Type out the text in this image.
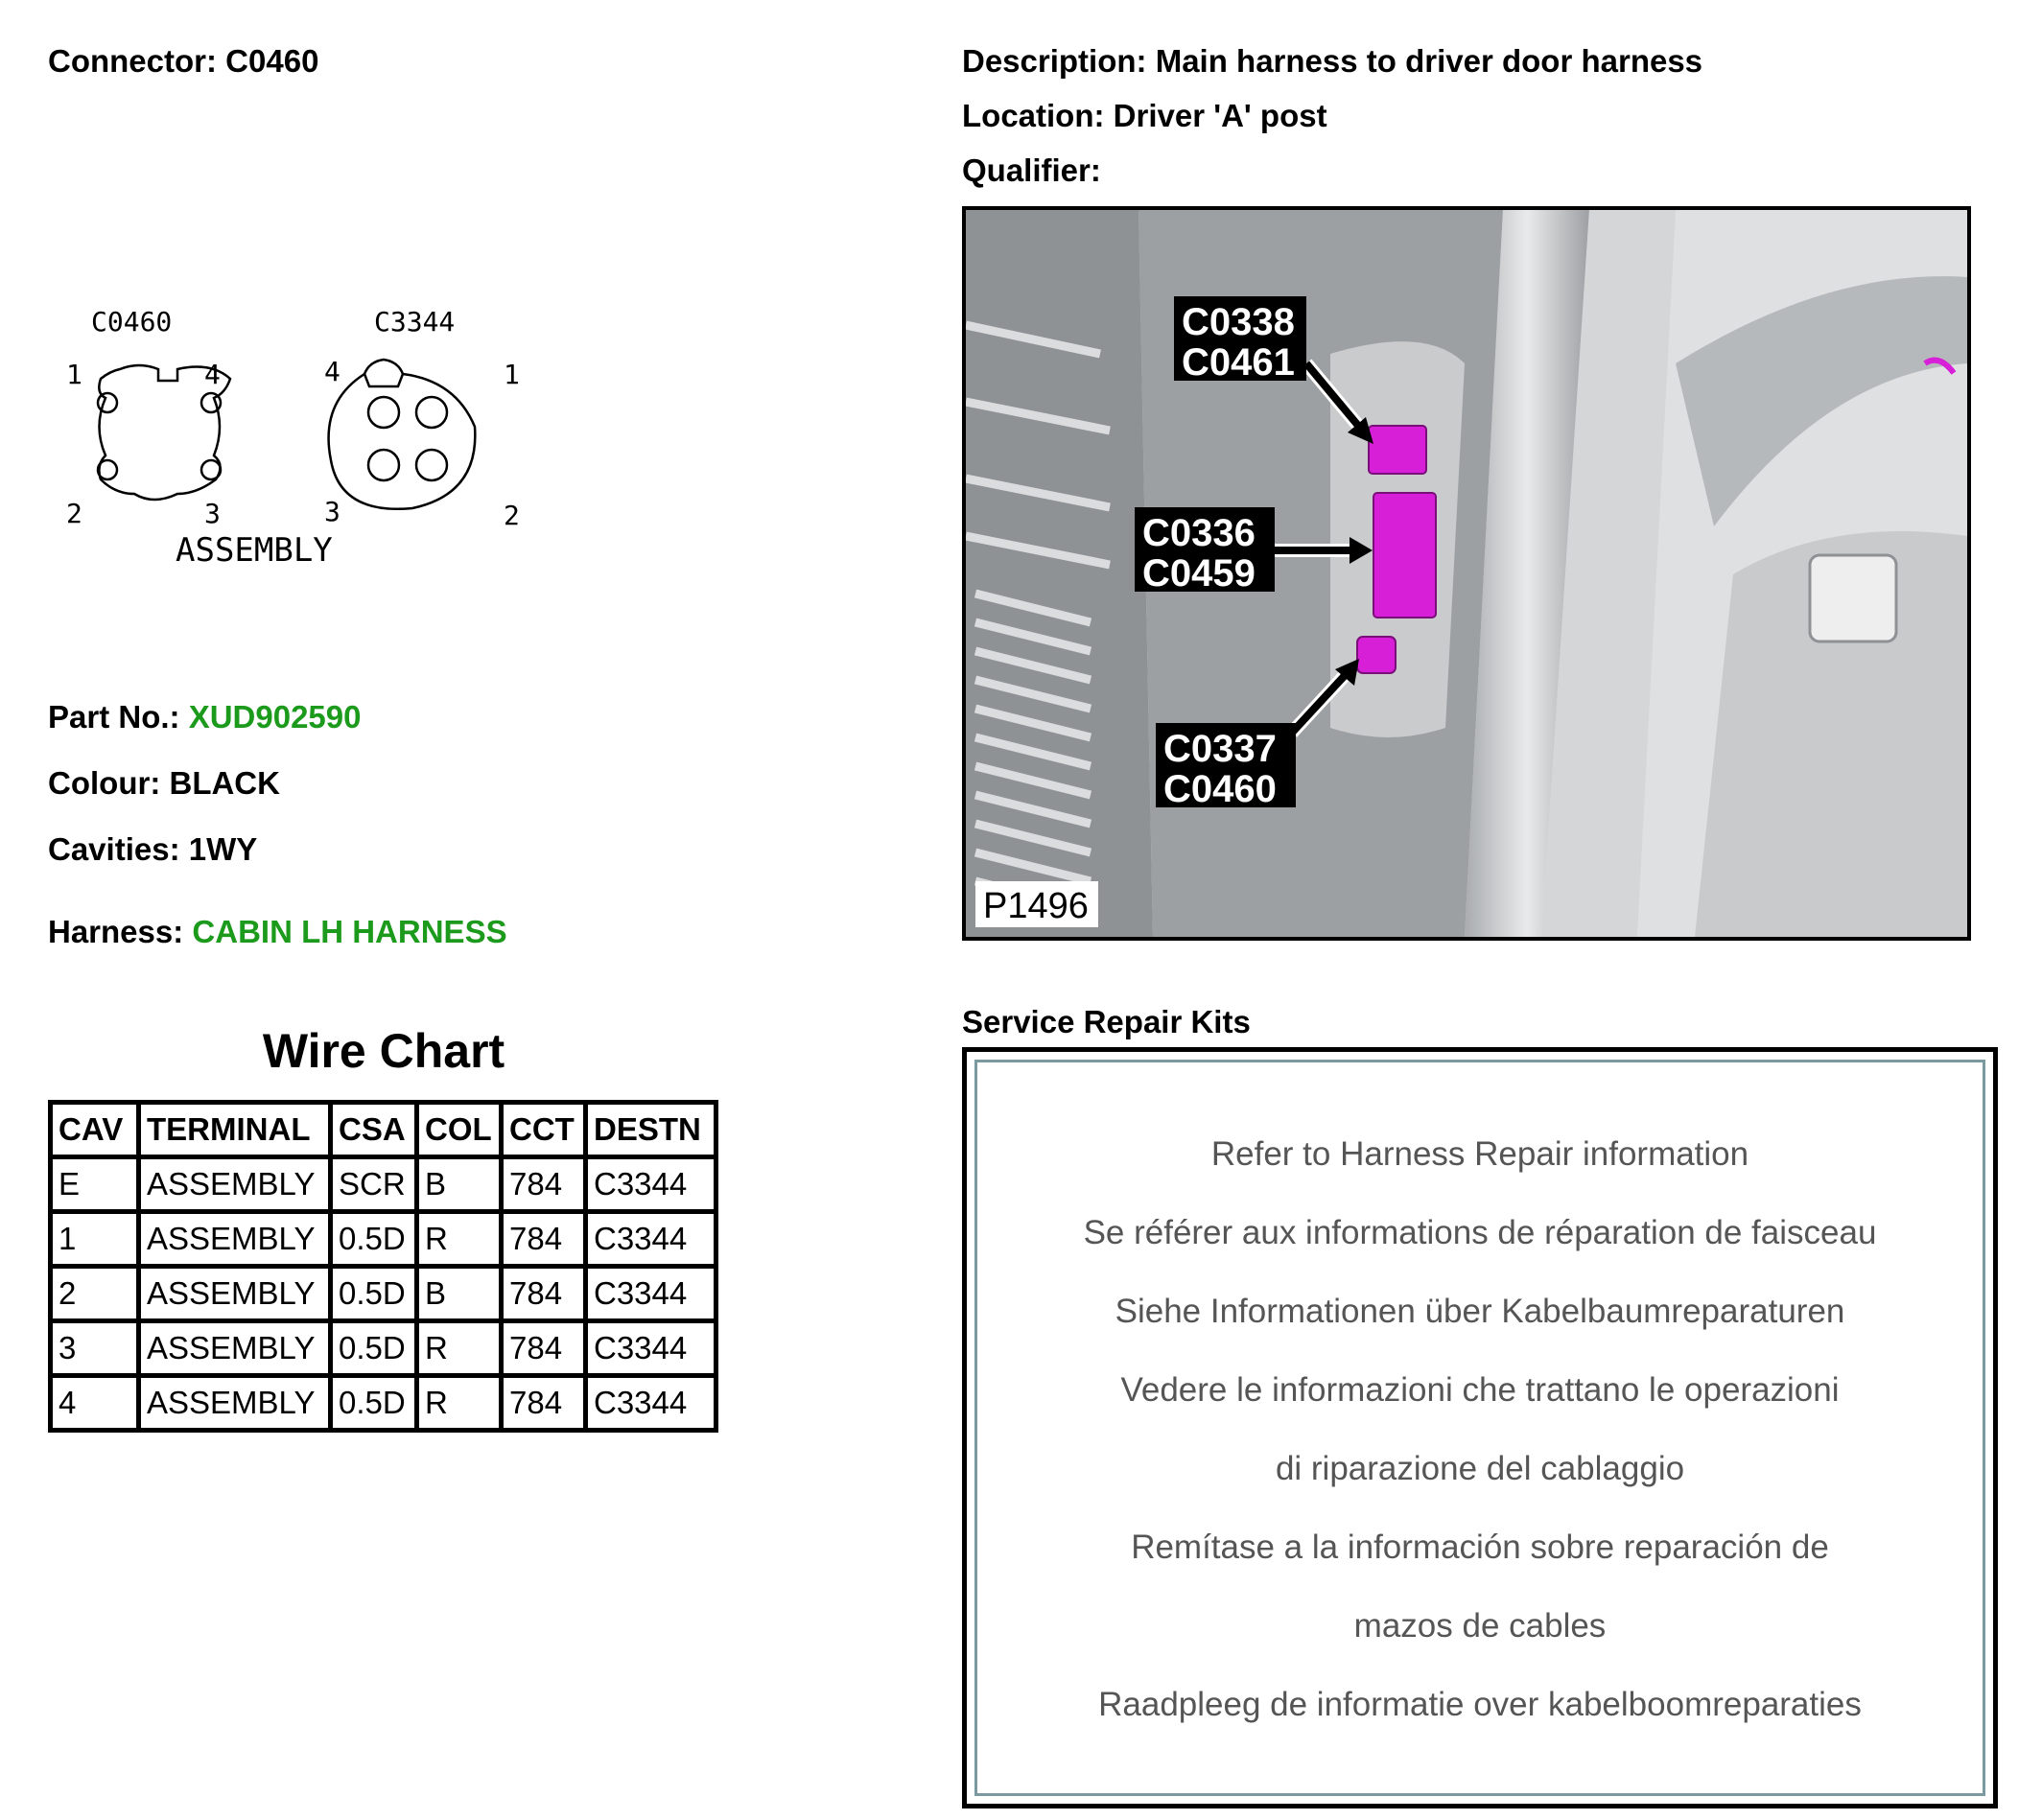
Connector: C0460	Description: Main harness to driver door harness
Location: Driver 'A' post
Qualifier:
C0460	C3344
1	4
2	3
4	1
3	2
ASSEMBLY
Part No.: XUD902590
Colour: BLACK
Cavities: 1WY
Harness: CABIN LH HARNESS
Wire Chart
CAV	TERMINAL	CSA	COL	CCT	DESTN
E	ASSEMBLY	SCR	B	784	C3344
1	ASSEMBLY	0.5D	R	784	C3344
2	ASSEMBLY	0.5D	B	784	C3344
3	ASSEMBLY	0.5D	R	784	C3344
4	ASSEMBLY	0.5D	R	784	C3344
C0338
C0461
C0336
C0459
C0337
C0460
P1496
Service Repair Kits
Refer to Harness Repair information
Se référer aux informations de réparation de faisceau
Siehe Informationen über Kabelbaumreparaturen
Vedere le informazioni che trattano le operazioni
di riparazione del cablaggio
Remítase a la información sobre reparación de
mazos de cables
Raadpleeg de informatie over kabelboomreparaties
